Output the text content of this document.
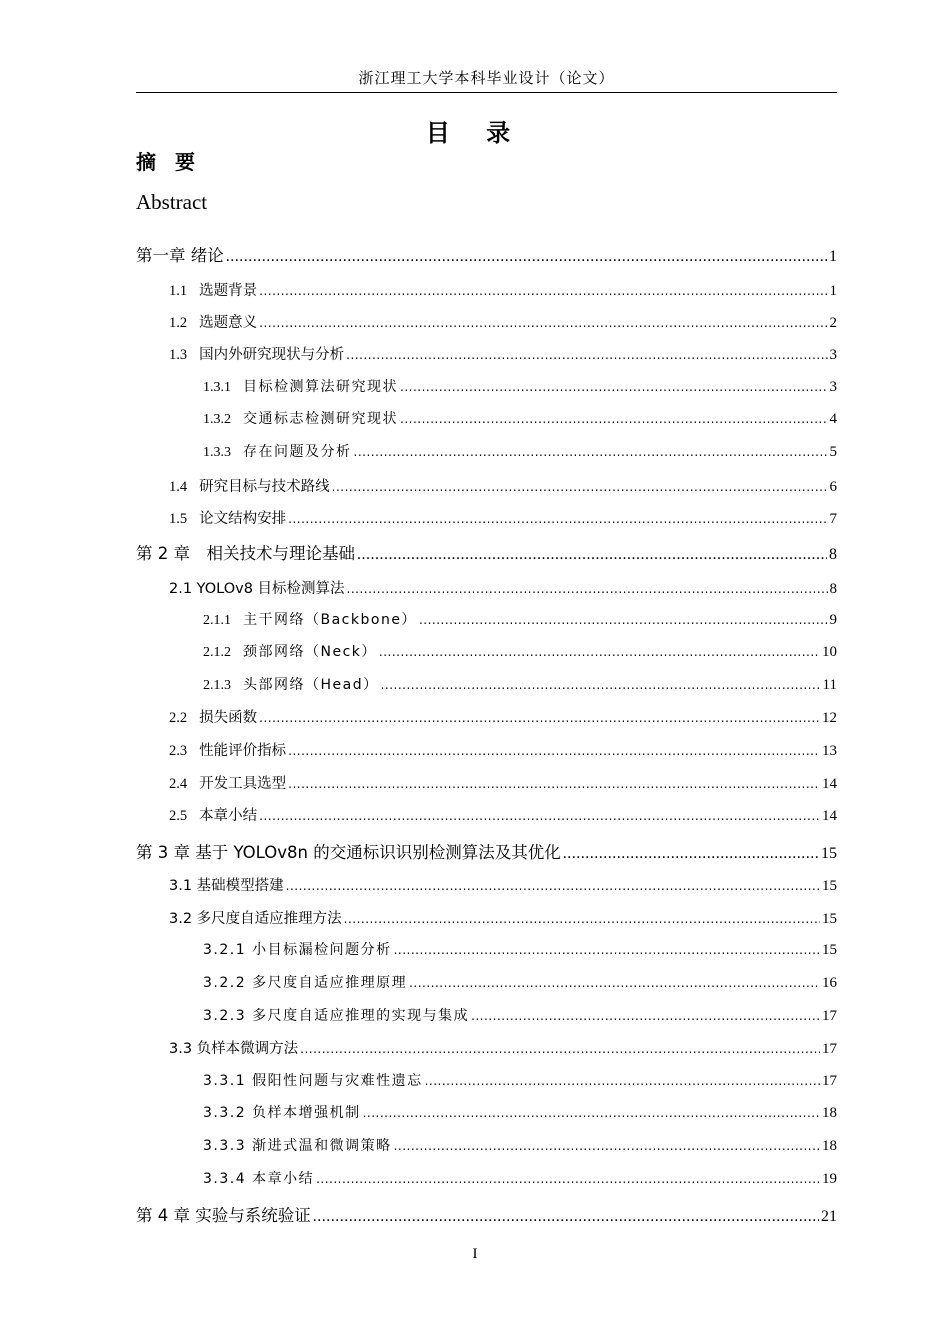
浙江理工大学本科毕业设计（论文）
目 录
摘 要
Abstract
第一章 绪论 .....	1
1.1 选题背景 .....	1
1.2 选题意义 .....	2
1.3 国内外研究现状与分析 .....	3
1.3.1 目标检测算法研究现状 .....	3
1.3.2 交通标志检测研究现状 .....	4
1.3.3 存在问题及分析 .....	5
1.4 研究目标与技术路线 .....	6
1.5 论文结构安排 .....	7
第 2 章　相关技术与理论基础 .....	8
2.1 YOLOv8 目标检测算法 .....	8
2.1.1 主干网络（Backbone） .....	9
2.1.2 颈部网络（Neck） .....	10
2.1.3 头部网络（Head） .....	11
2.2 损失函数 .....	12
2.3 性能评价指标 .....	13
2.4 开发工具选型 .....	14
2.5 本章小结 .....	14
第 3 章 基于 YOLOv8n 的交通标识识别检测算法及其优化 .....	15
3.1 基础模型搭建 .....	15
3.2 多尺度自适应推理方法 .....	15
3.2.1 小目标漏检问题分析 .....	15
3.2.2 多尺度自适应推理原理 .....	16
3.2.3 多尺度自适应推理的实现与集成 .....	17
3.3 负样本微调方法 .....	17
3.3.1 假阳性问题与灾难性遗忘 .....	17
3.3.2 负样本增强机制 .....	18
3.3.3 渐进式温和微调策略 .....	18
3.3.4 本章小结 .....	19
第 4 章 实验与系统验证 .....	21
I
